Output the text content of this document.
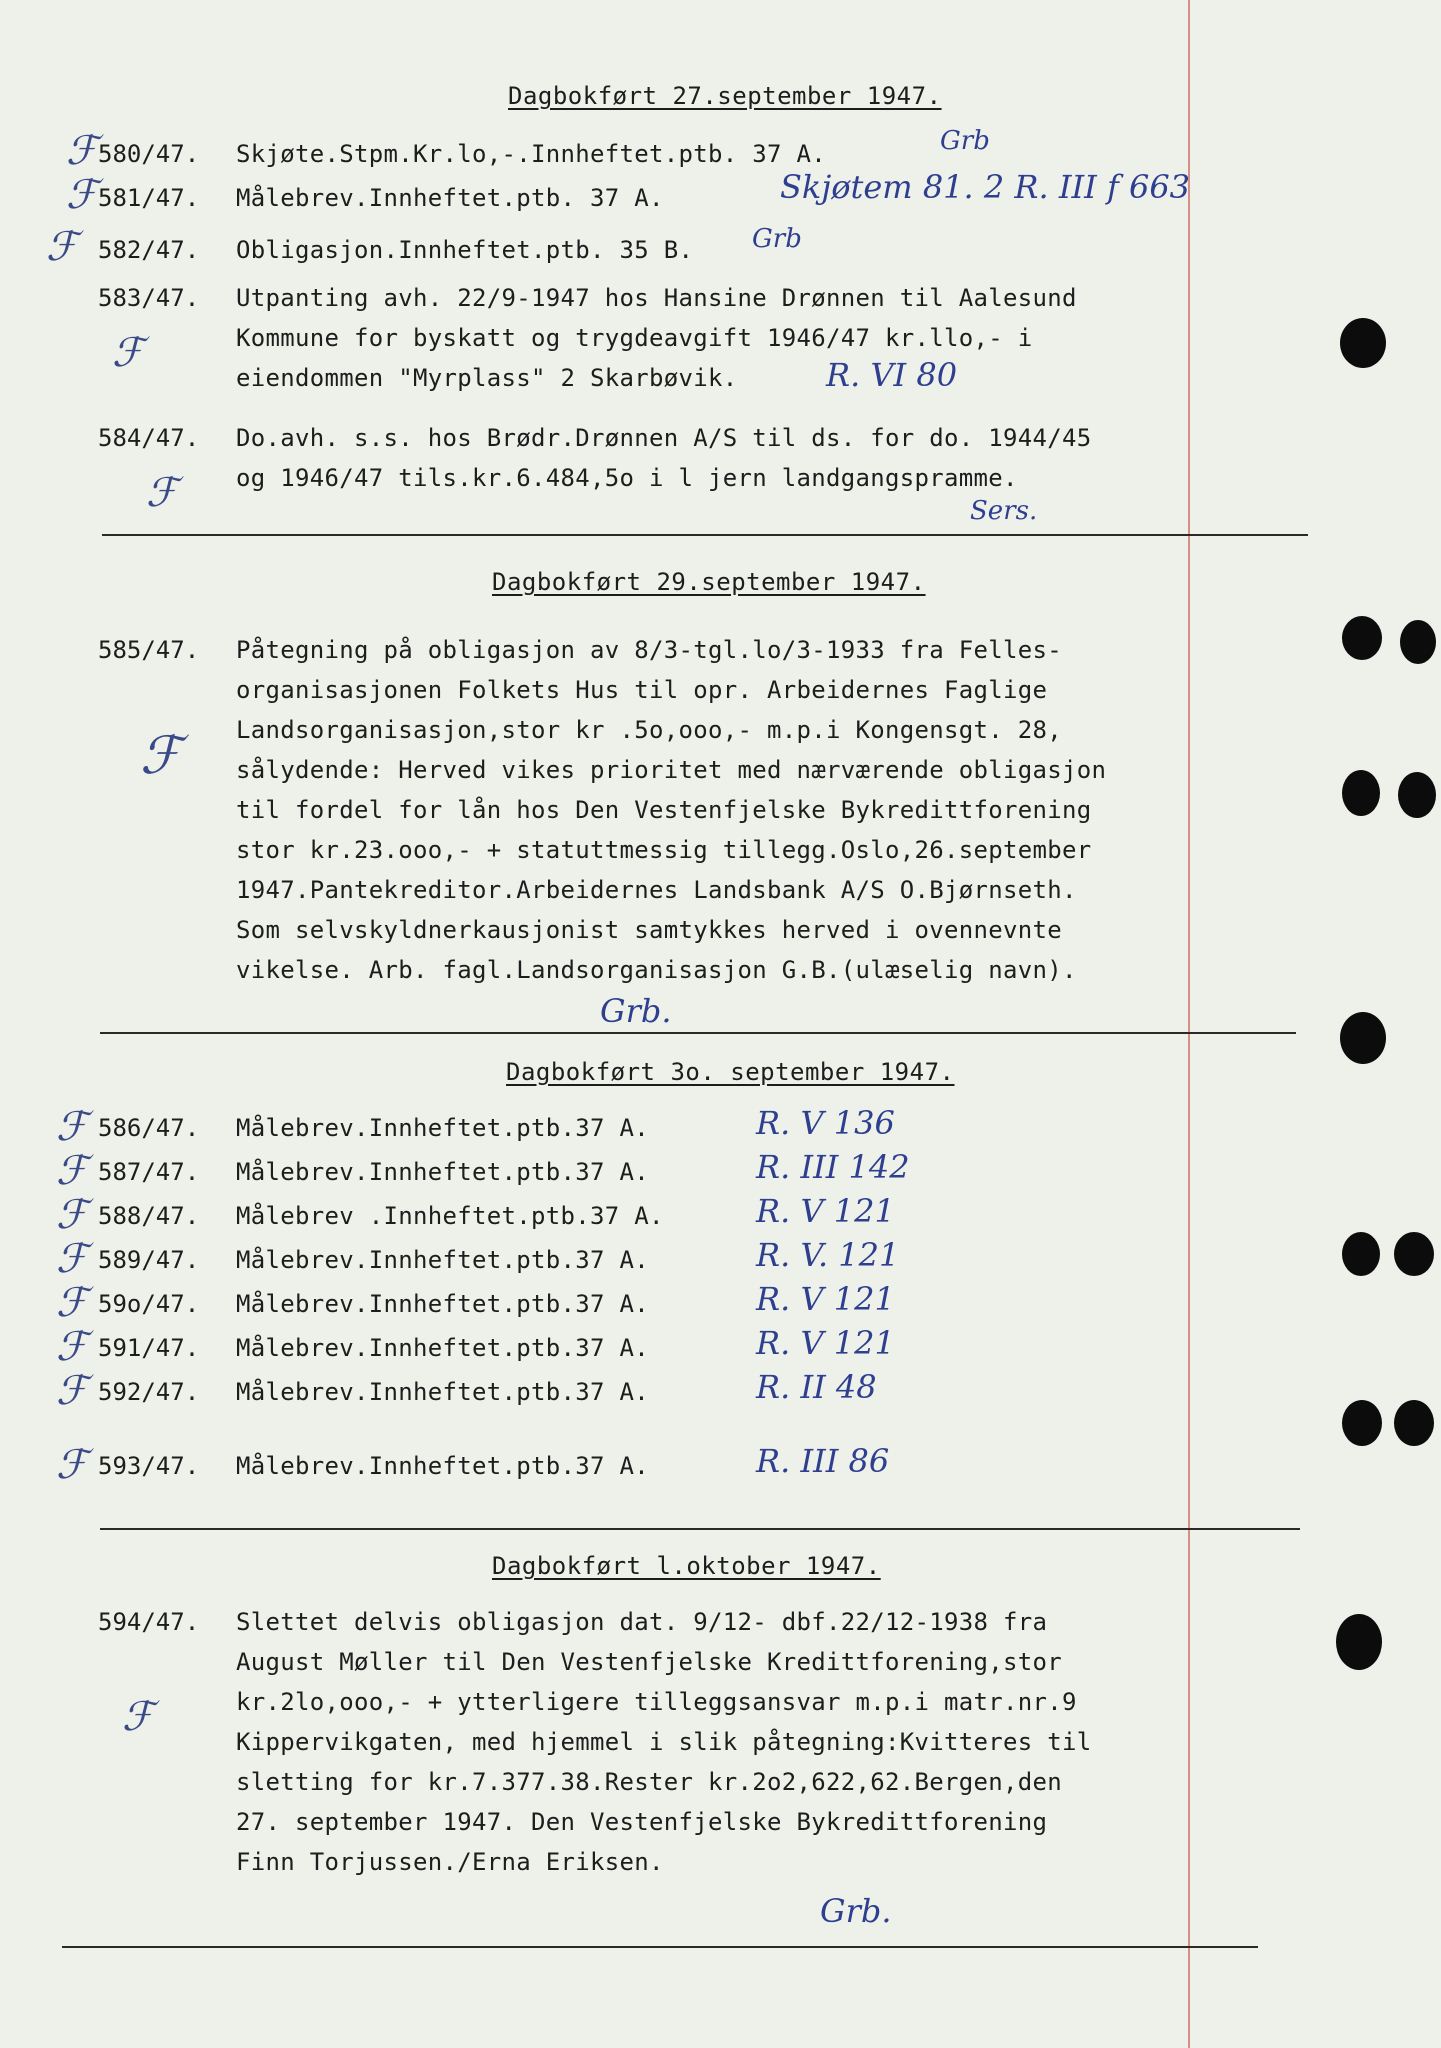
Dagbokført 27.september 1947.
ℱ 580/47. Skjøte.Stpm.Kr.lo,-.Innheftet.ptb. 37 A.	Grb
ℱ 581/47. Målebrev.Innheftet.ptb. 37 A.	Skjøtem 81. 2 R. III f 663
ℱ 582/47. Obligasjon.Innheftet.ptb. 35 B. Grb
ℱ
583/47. Utpanting avh. 22/9-1947 hos Hansine Drønnen til Aalesund
Kommune for byskatt og trygdeavgift 1946/47 kr.llo,- i
eiendommen "Myrplass" 2 Skarbøvik.	R. VI 80
ℱ
584/47. Do.avh. s.s. hos Brødr.Drønnen A/S til ds. for do. 1944/45
og 1946/47 tils.kr.6.484,5o i l jern landgangspramme.
Sers.
Dagbokført 29.september 1947.
ℱ
585/47. Påtegning på obligasjon av 8/3-tgl.lo/3-1933 fra Felles-
organisasjonen Folkets Hus til opr. Arbeidernes Faglige
Landsorganisasjon,stor kr .5o,ooo,- m.p.i Kongensgt. 28,
sålydende: Herved vikes prioritet med nærværende obligasjon
til fordel for lån hos Den Vestenfjelske Bykredittforening
stor kr.23.ooo,- + statuttmessig tillegg.Oslo,26.september
1947.Pantekreditor.Arbeidernes Landsbank A/S O.Bjørnseth.
Som selvskyldnerkausjonist samtykkes herved i ovennevnte
vikelse. Arb. fagl.Landsorganisasjon G.B.(ulæselig navn).
Grb.
Dagbokført 3o. september 1947.
ℱ 586/47. Målebrev.Innheftet.ptb.37 A.	R. V 136
ℱ 587/47. Målebrev.Innheftet.ptb.37 A.	R. III 142
ℱ 588/47. Målebrev .Innheftet.ptb.37 A.	R. V 121
ℱ 589/47. Målebrev.Innheftet.ptb.37 A.	R. V. 121
ℱ 59o/47. Målebrev.Innheftet.ptb.37 A.	R. V 121
ℱ 591/47. Målebrev.Innheftet.ptb.37 A.	R. V 121
ℱ 592/47. Målebrev.Innheftet.ptb.37 A.	R. II 48
ℱ 593/47. Målebrev.Innheftet.ptb.37 A.	R. III 86
Dagbokført l.oktober 1947.
ℱ
594/47. Slettet delvis obligasjon dat. 9/12- dbf.22/12-1938 fra
August Møller til Den Vestenfjelske Kredittforening,stor
kr.2lo,ooo,- + ytterligere tilleggsansvar m.p.i matr.nr.9
Kippervikgaten, med hjemmel i slik påtegning:Kvitteres til
sletting for kr.7.377.38.Rester kr.2o2,622,62.Bergen,den
27. september 1947. Den Vestenfjelske Bykredittforening
Finn Torjussen./Erna Eriksen.
Grb.
